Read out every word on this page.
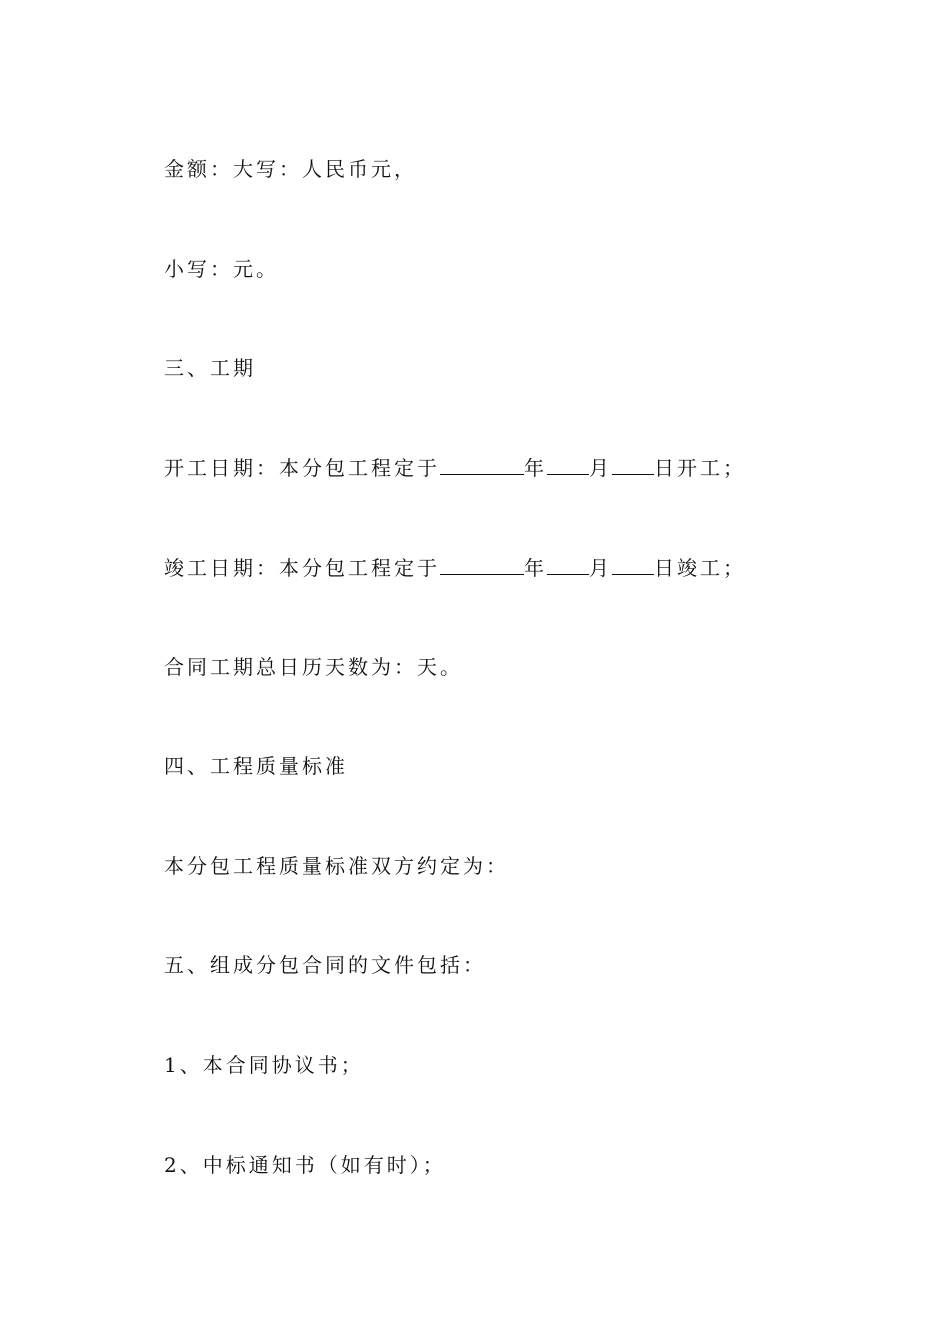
金额：大写：人民币元，
小写：元。
三、工期
开工日期：本分包工程定于	年 月 日开工；
竣工日期：本分包工程定于	年 月 日竣工；
合同工期总日历天数为：天。
四、工程质量标准
本分包工程质量标准双方约定为：
五、组成分包合同的文件包括：
1、本合同协议书；
2、中标通知书（如有时）；
